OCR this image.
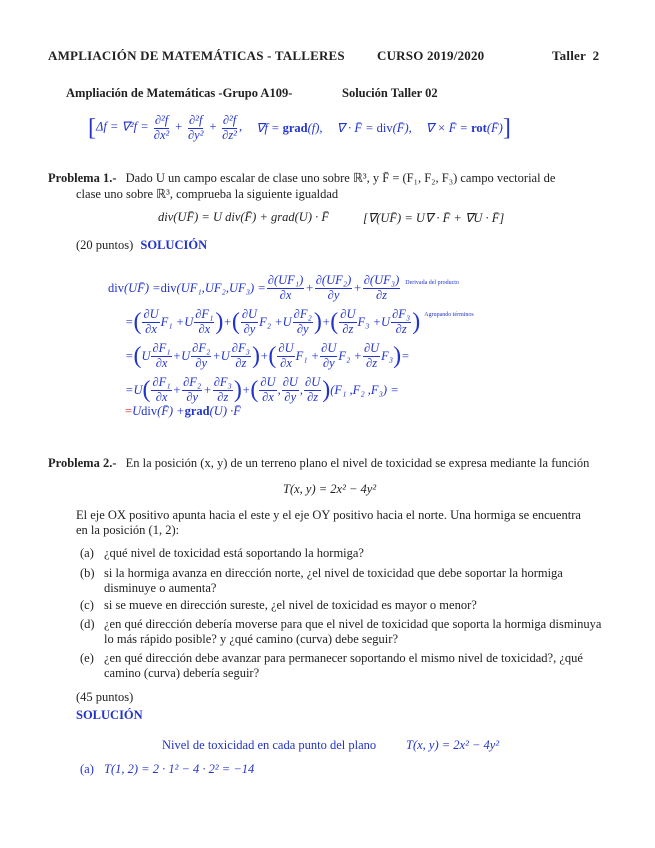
AMPLIACIÓN DE MATEMÁTICAS - TALLERES CURSO 2019/2020	Taller  2
Ampliación de Matemáticas -Grupo A109-	Solución Taller 02
[ $\Delta f = \nabla^2f = \frac{\text{∂²f}}{\text{∂x²}} + \frac{\text{∂²f}}{\text{∂y²}} + \frac{\text{∂²f}}{\text{∂z²}}$ , ∇f = grad(f), ∇ · F̄ = div(F̄), ∇ × F̄ = rot(F̄) ]
Problema 1.- Dado U un campo escalar de clase uno sobre ℝ³, y F̄ = (F₁, F₂, F₃) campo vectorial de
clase uno sobre ℝ³, comprueba la siguiente igualdad
div(UF̄) = U div(F̄) + grad(U) · F̄	[∇(UF̄) = U∇ · F̄ + ∇U · F̄]
(20 puntos) SOLUCIÓN
div ( UF̄ ) = div ( UF ₁, UF ₂, UF $_3) = \frac{\text{∂(UF₁)}}{\partial x} + \frac{\text{∂(UF₂)}}{\partial y} + \frac{\text{∂(UF₃)}}{\partial z}$ Derivada del producto
= ( $\frac{\partial U}{\partial x}$ F ₁ + U $\frac{\text{∂F₁}}{\partial x}$ ) + ( $\frac{\partial U}{\partial y}$ F ₂ + U $\frac{\text{∂F₂}}{\partial y}$ ) + ( $\frac{\partial U}{\partial z}$ F ₃ + U $\frac{\text{∂F₃}}{\partial z}$ ) Agrupando términos
= ( U $\frac{\text{∂F₁}}{\partial x} + U \frac{\text{∂F₂}}{\partial y} + U \frac{\text{∂F₃}}{\partial z}$ ) + ( $\frac{\partial U}{\partial x}$ F $_1 + \frac{\partial U}{\partial y}$ F $_2 + \frac{\partial U}{\partial z}$ F ₃ ) =
= U ( $\frac{\text{∂F₁}}{\partial x} + \frac{\text{∂F₂}}{\partial y} + \frac{\text{∂F₃}}{\partial z}$ ) + ( $\frac{\partial U}{\partial x}$ , $\frac{\partial U}{\partial y}$ , $\frac{\partial U}{\partial z}$ ) ( F ₁ , F ₂ , F ₃) =
= U div ( F̄ ) + grad ( U ) · F̄
Problema 2.- En la posición (x, y) de un terreno plano el nivel de toxicidad se expresa mediante la función
T(x, y) = 2x² − 4y²
El eje OX positivo apunta hacia el este y el eje OY positivo hacia el norte. Una hormiga se encuentra
en la posición (1, 2):
(a) ¿qué nivel de toxicidad está soportando la hormiga?
(b) si la hormiga avanza en dirección norte, ¿el nivel de toxicidad que debe soportar la hormiga
disminuye o aumenta?
(c) si se mueve en dirección sureste, ¿el nivel de toxicidad es mayor o menor?
(d) ¿en qué dirección debería moverse para que el nivel de toxicidad que soporta la hormiga disminuya
lo más rápido posible? y ¿qué camino (curva) debe seguir?
(e) ¿en qué dirección debe avanzar para permanecer soportando el mismo nivel de toxicidad?, ¿qué
camino (curva) debería seguir?
(45 puntos)
SOLUCIÓN
Nivel de toxicidad en cada punto del plano T(x, y) = 2x² − 4y²
(a) T(1, 2) = 2 · 1² − 4 · 2² = −14
